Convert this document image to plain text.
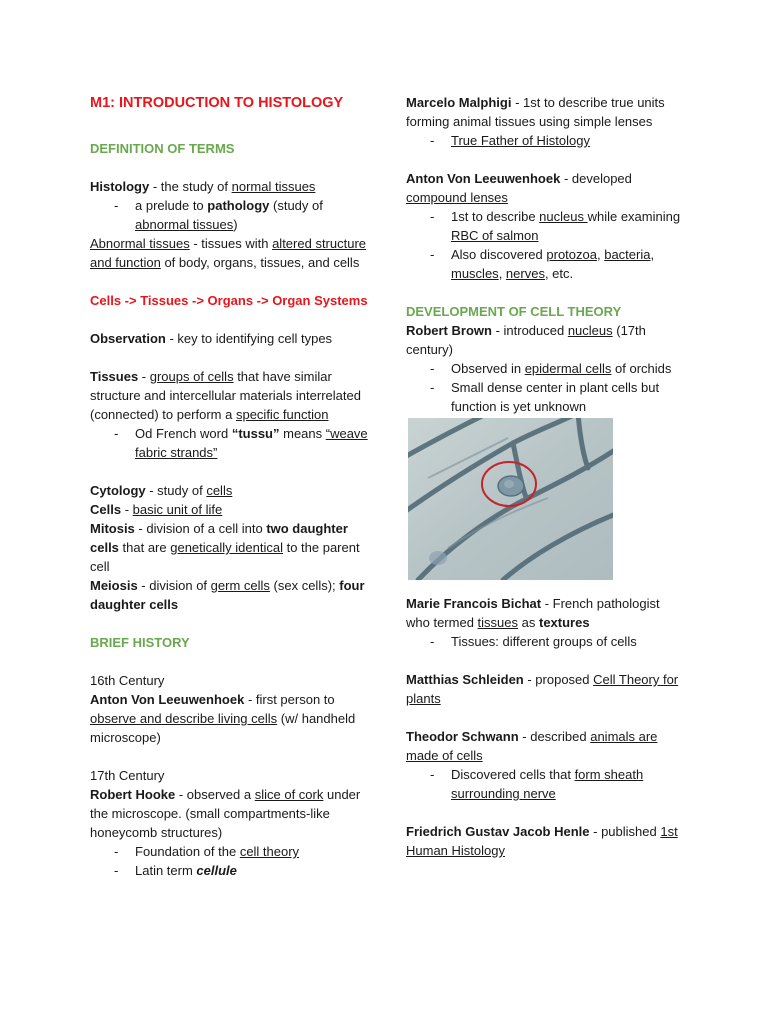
M1: INTRODUCTION TO HISTOLOGY
DEFINITION OF TERMS

Histology - the study of normal tissues

- a prelude to pathology (study of abnormal tissues)

Abnormal tissues - tissues with altered structure and function of body, organs, tissues, and cells

Cells -> Tissues -> Organs -> Organ Systems

Observation - key to identifying cell types

Tissues - groups of cells that have similar structure and intercellular materials interrelated (connected) to perform a specific function

- Od French word “tussu” means “weave fabric strands”

Cytology - study of cells

Cells - basic unit of life

Mitosis - division of a cell into two daughter cells that are genetically identical to the parent cell

Meiosis - division of germ cells (sex cells); four daughter cells

BRIEF HISTORY

16th Century

Anton Von Leeuwenhoek - first person to observe and describe living cells (w/ handheld microscope)

17th Century

Robert Hooke - observed a slice of cork under the microscope. (small compartments-like honeycomb structures)

- Foundation of the cell theory
- Latin term cellule

Marcelo Malphigi - 1st to describe true units forming animal tissues using simple lenses

- True Father of Histology

Anton Von Leeuwenhoek - developed compound lenses

- 1st to describe nucleus while examining RBC of salmon
- Also discovered protozoa, bacteria, muscles, nerves, etc.
DEVELOPMENT OF CELL THEORY

Robert Brown - introduced nucleus (17th century)

- Observed in epidermal cells of orchids
- Small dense center in plant cells but function is yet unknown

Marie Francois Bichat - French pathologist who termed tissues as textures

- Tissues: different groups of cells

Matthias Schleiden - proposed Cell Theory for plants

Theodor Schwann - described animals are made of cells

- Discovered cells that form sheath surrounding nerve

Friedrich Gustav Jacob Henle - published 1st Human Histology
